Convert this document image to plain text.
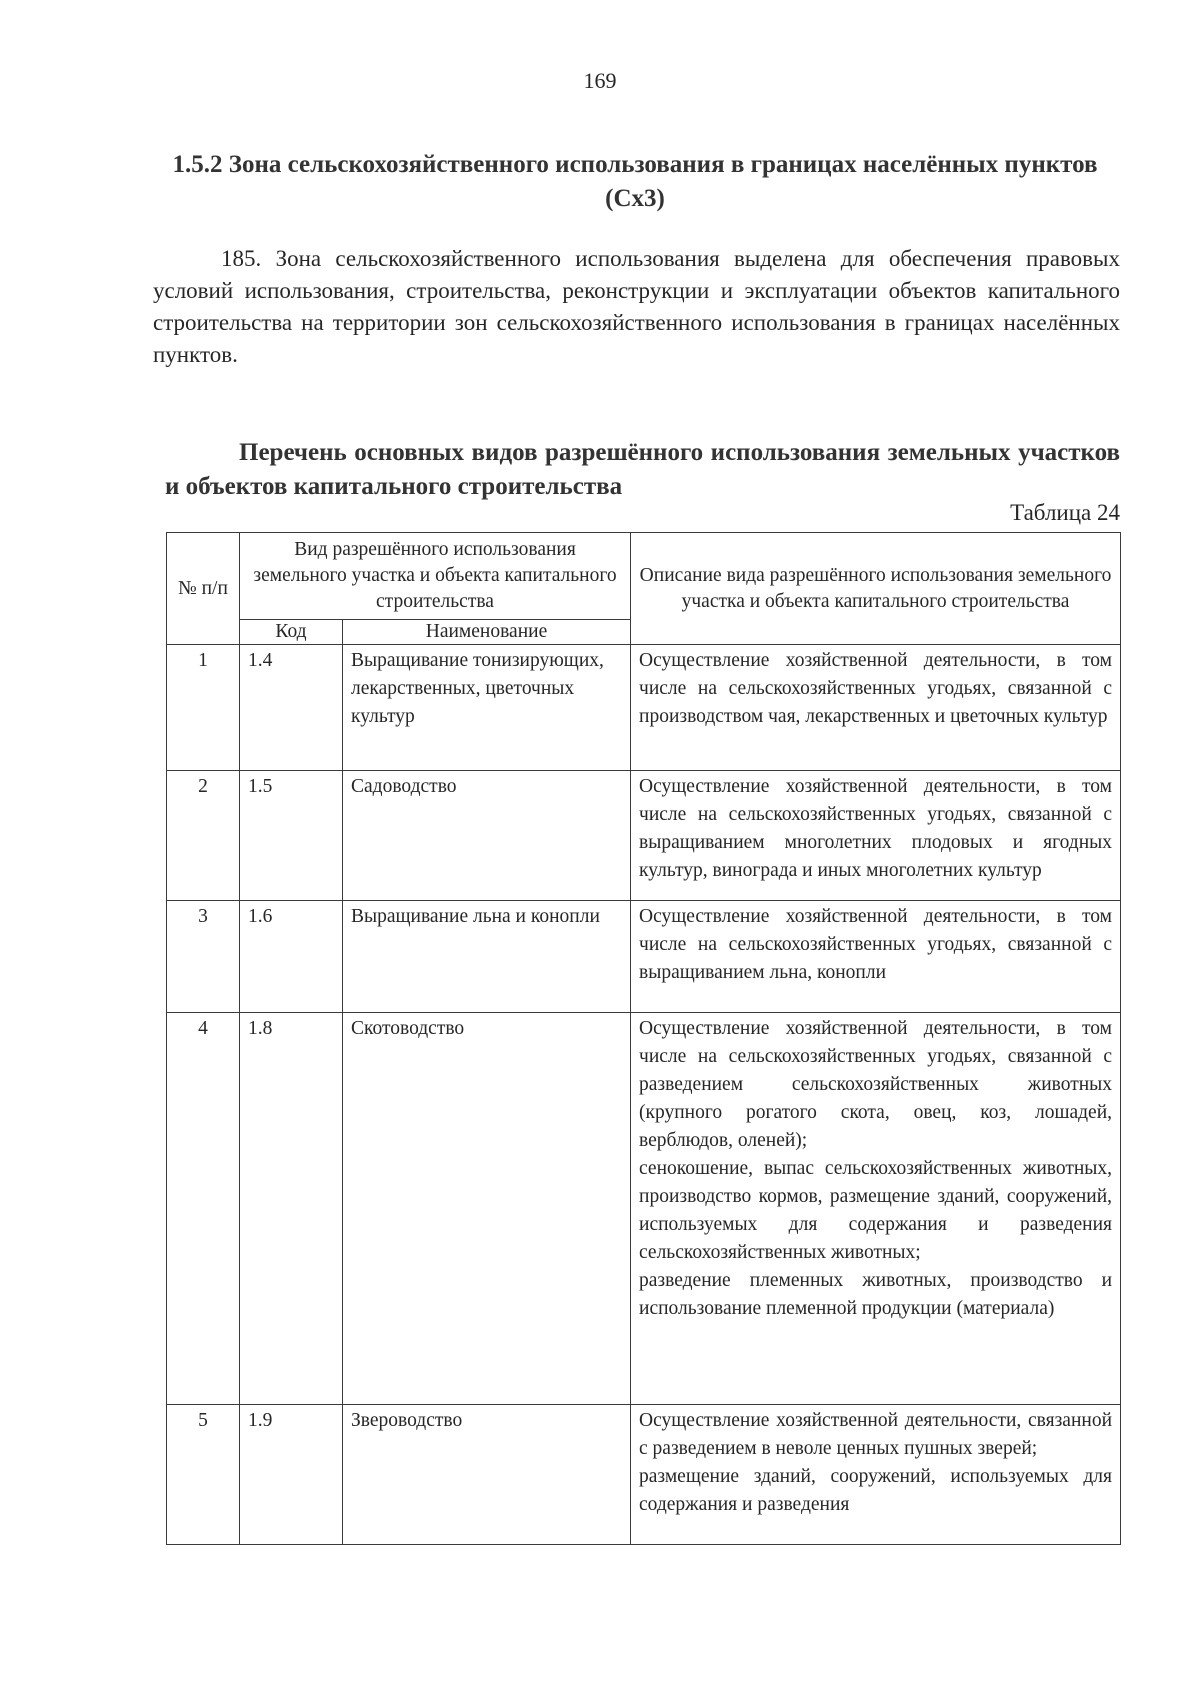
169
1.5.2 Зона сельскохозяйственного использования в границах населённых пунктов (Сх3)

185. Зона сельскохозяйственного использования выделена для обеспечения правовых условий использования, строительства, реконструкции и эксплуатации объектов капитального строительства на территории зон сельскохозяйственного использования в границах населённых пунктов.

Перечень основных видов разрешённого использования земельных участков и объектов капитального строительства

Таблица 24
№ п/п	Вид разрешённого использования земельного участка и объекта капитального строительства		Описание вида разрешённого использования земельного участка и объекта капитального строительства
	Код	Наименование	
1	1.4	Выращивание тонизирующих, лекарственных, цветочных культур	Осуществление хозяйственной деятельности, в том числе на сельскохозяйственных угодьях, связанной с производством чая, лекарственных и цветочных культур

2	1.5	Садоводство	Осуществление хозяйственной деятельности, в том числе на сельскохозяйственных угодьях, связанной с выращиванием многолетних плодовых и ягодных культур, винограда и иных многолетних культур

3	1.6	Выращивание льна и конопли	Осуществление хозяйственной деятельности, в том числе на сельскохозяйственных угодьях, связанной с выращиванием льна, конопли

4	1.8	Скотоводство	Осуществление хозяйственной деятельности, в том числе на сельскохозяйственных угодьях, связанной с разведением сельскохозяйственных животных (крупного рогатого скота, овец, коз, лошадей, верблюдов, оленей);
сенокошение, выпас сельскохозяйственных животных, производство кормов, размещение зданий, сооружений, используемых для содержания и разведения сельскохозяйственных животных;
разведение племенных животных, производство и использование племенной продукции (материала)

5	1.9	Звероводство	Осуществление хозяйственной деятельности, связанной с разведением в неволе ценных пушных зверей;
размещение зданий, сооружений, используемых для содержания и разведения
